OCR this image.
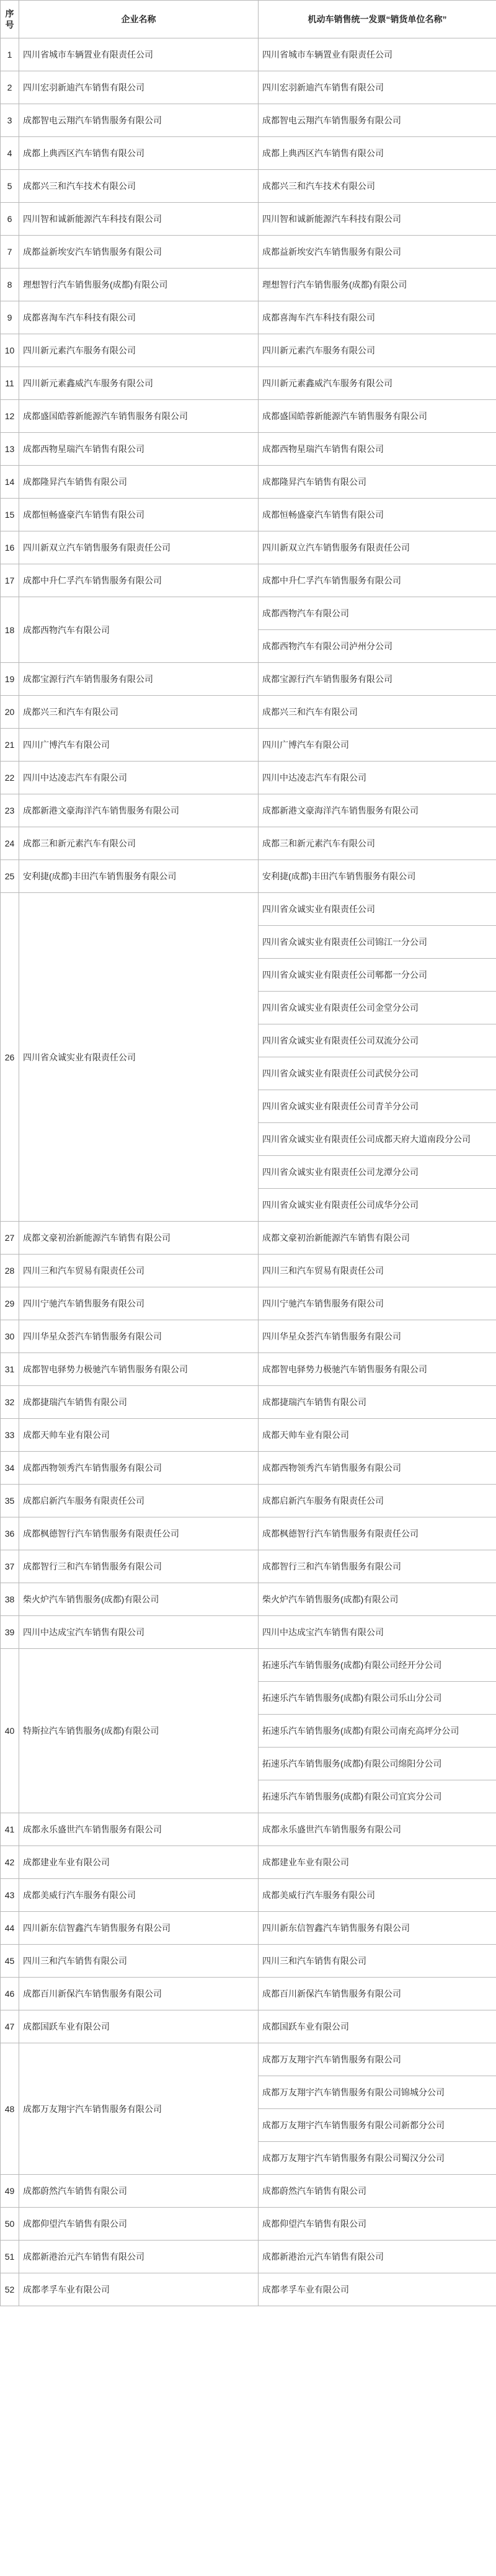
序号	企业名称	机动车销售统一发票“销货单位名称”
1	四川省城市车辆置业有限责任公司	四川省城市车辆置业有限责任公司
2	四川宏羽新迪汽车销售有限公司	四川宏羽新迪汽车销售有限公司
3	成都智电云翔汽车销售服务有限公司	成都智电云翔汽车销售服务有限公司
4	成都上典西区汽车销售有限公司	成都上典西区汽车销售有限公司
5	成都兴三和汽车技术有限公司	成都兴三和汽车技术有限公司
6	四川智和诚新能源汽车科技有限公司	四川智和诚新能源汽车科技有限公司
7	成都益新埃安汽车销售服务有限公司	成都益新埃安汽车销售服务有限公司
8	理想智行汽车销售服务(成都)有限公司	理想智行汽车销售服务(成都)有限公司
9	成都喜淘车汽车科技有限公司	成都喜淘车汽车科技有限公司
10	四川新元素汽车服务有限公司	四川新元素汽车服务有限公司
11	四川新元素鑫威汽车服务有限公司	四川新元素鑫威汽车服务有限公司
12	成都盛国皓蓉新能源汽车销售服务有限公司	成都盛国皓蓉新能源汽车销售服务有限公司
13	成都西物星瑞汽车销售有限公司	成都西物星瑞汽车销售有限公司
14	成都隆昇汽车销售有限公司	成都隆昇汽车销售有限公司
15	成都恒畅盛豪汽车销售有限公司	成都恒畅盛豪汽车销售有限公司
16	四川新双立汽车销售服务有限责任公司	四川新双立汽车销售服务有限责任公司
17	成都中升仁孚汽车销售服务有限公司	成都中升仁孚汽车销售服务有限公司
18	成都西物汽车有限公司	成都西物汽车有限公司
		成都西物汽车有限公司泸州分公司
19	成都宝源行汽车销售服务有限公司	成都宝源行汽车销售服务有限公司
20	成都兴三和汽车有限公司	成都兴三和汽车有限公司
21	四川广博汽车有限公司	四川广博汽车有限公司
22	四川中达凌志汽车有限公司	四川中达凌志汽车有限公司
23	成都新港文豪海洋汽车销售服务有限公司	成都新港文豪海洋汽车销售服务有限公司
24	成都三和新元素汽车有限公司	成都三和新元素汽车有限公司
25	安利捷(成都)丰田汽车销售服务有限公司	安利捷(成都)丰田汽车销售服务有限公司
26	四川省众诚实业有限责任公司	四川省众诚实业有限责任公司
		四川省众诚实业有限责任公司锦江一分公司
		四川省众诚实业有限责任公司郫都一分公司
		四川省众诚实业有限责任公司金堂分公司
		四川省众诚实业有限责任公司双流分公司
		四川省众诚实业有限责任公司武侯分公司
		四川省众诚实业有限责任公司青羊分公司
		四川省众诚实业有限责任公司成都天府大道南段分公司
		四川省众诚实业有限责任公司龙潭分公司
		四川省众诚实业有限责任公司成华分公司
27	成都文豪初治新能源汽车销售有限公司	成都文豪初治新能源汽车销售有限公司
28	四川三和汽车贸易有限责任公司	四川三和汽车贸易有限责任公司
29	四川宁驰汽车销售服务有限公司	四川宁驰汽车销售服务有限公司
30	四川华星众荟汽车销售服务有限公司	四川华星众荟汽车销售服务有限公司
31	成都智电驿势力极驰汽车销售服务有限公司	成都智电驿势力极驰汽车销售服务有限公司
32	成都捷瑞汽车销售有限公司	成都捷瑞汽车销售有限公司
33	成都天帅车业有限公司	成都天帅车业有限公司
34	成都西物领秀汽车销售服务有限公司	成都西物领秀汽车销售服务有限公司
35	成都启新汽车服务有限责任公司	成都启新汽车服务有限责任公司
36	成都枫德智行汽车销售服务有限责任公司	成都枫德智行汽车销售服务有限责任公司
37	成都智行三和汽车销售服务有限公司	成都智行三和汽车销售服务有限公司
38	柴火炉汽车销售服务(成都)有限公司	柴火炉汽车销售服务(成都)有限公司
39	四川中达成宝汽车销售有限公司	四川中达成宝汽车销售有限公司
40	特斯拉汽车销售服务(成都)有限公司	拓速乐汽车销售服务(成都)有限公司经开分公司
		拓速乐汽车销售服务(成都)有限公司乐山分公司
		拓速乐汽车销售服务(成都)有限公司南充高坪分公司
		拓速乐汽车销售服务(成都)有限公司绵阳分公司
		拓速乐汽车销售服务(成都)有限公司宜宾分公司
41	成都永乐盛世汽车销售服务有限公司	成都永乐盛世汽车销售服务有限公司
42	成都建业车业有限公司	成都建业车业有限公司
43	成都美威行汽车服务有限公司	成都美威行汽车服务有限公司
44	四川新东信智鑫汽车销售服务有限公司	四川新东信智鑫汽车销售服务有限公司
45	四川三和汽车销售有限公司	四川三和汽车销售有限公司
46	成都百川新保汽车销售服务有限公司	成都百川新保汽车销售服务有限公司
47	成都国跃车业有限公司	成都国跃车业有限公司
48	成都万友翔宇汽车销售服务有限公司	成都万友翔宇汽车销售服务有限公司
		成都万友翔宇汽车销售服务有限公司锦城分公司
		成都万友翔宇汽车销售服务有限公司新都分公司
		成都万友翔宇汽车销售服务有限公司蜀汉分公司
49	成都蔚然汽车销售有限公司	成都蔚然汽车销售有限公司
50	成都仰望汽车销售有限公司	成都仰望汽车销售有限公司
51	成都新港治元汽车销售有限公司	成都新港治元汽车销售有限公司
52	成都孝孚车业有限公司	成都孝孚车业有限公司
